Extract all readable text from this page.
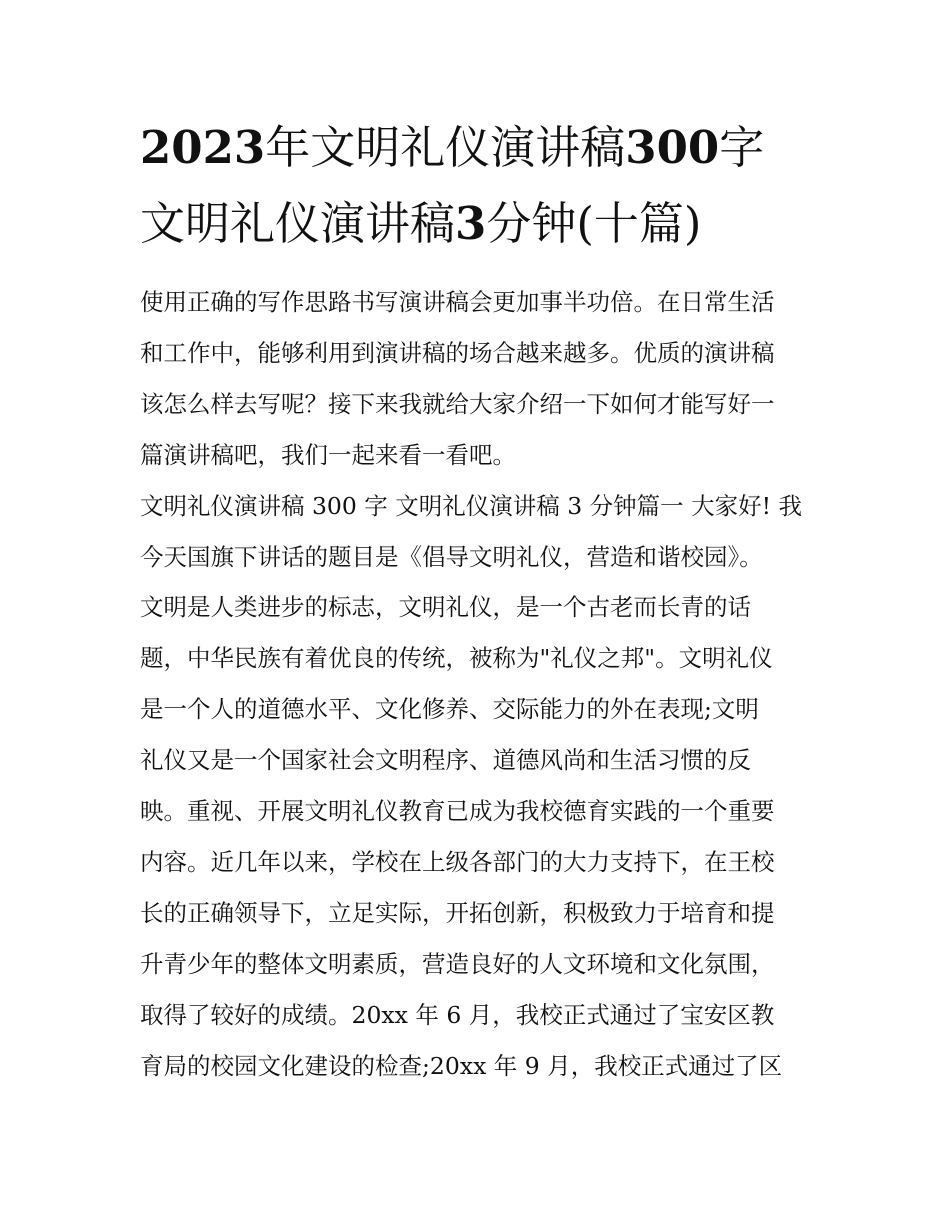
2023年文明礼仪演讲稿300字
文明礼仪演讲稿3分钟(十篇)
使用正确的写作思路书写演讲稿会更加事半功倍。在日常生活
和工作中，能够利用到演讲稿的场合越来越多。优质的演讲稿
该怎么样去写呢？接下来我就给大家介绍一下如何才能写好一
篇演讲稿吧，我们一起来看一看吧。
文明礼仪演讲稿 300 字 文明礼仪演讲稿 3 分钟篇一 大家好! 我
今天国旗下讲话的题目是《倡导文明礼仪，营造和谐校园》。
文明是人类进步的标志，文明礼仪，是一个古老而长青的话
题，中华民族有着优良的传统，被称为"礼仪之邦"。文明礼仪
是一个人的道德水平、文化修养、交际能力的外在表现;文明
礼仪又是一个国家社会文明程序、道德风尚和生活习惯的反
映。重视、开展文明礼仪教育已成为我校德育实践的一个重要
内容。近几年以来，学校在上级各部门的大力支持下，在王校
长的正确领导下，立足实际，开拓创新，积极致力于培育和提
升青少年的整体文明素质，营造良好的人文环境和文化氛围，
取得了较好的成绩。20xx 年 6 月，我校正式通过了宝安区教
育局的校园文化建设的检查;20xx 年 9 月，我校正式通过了区
